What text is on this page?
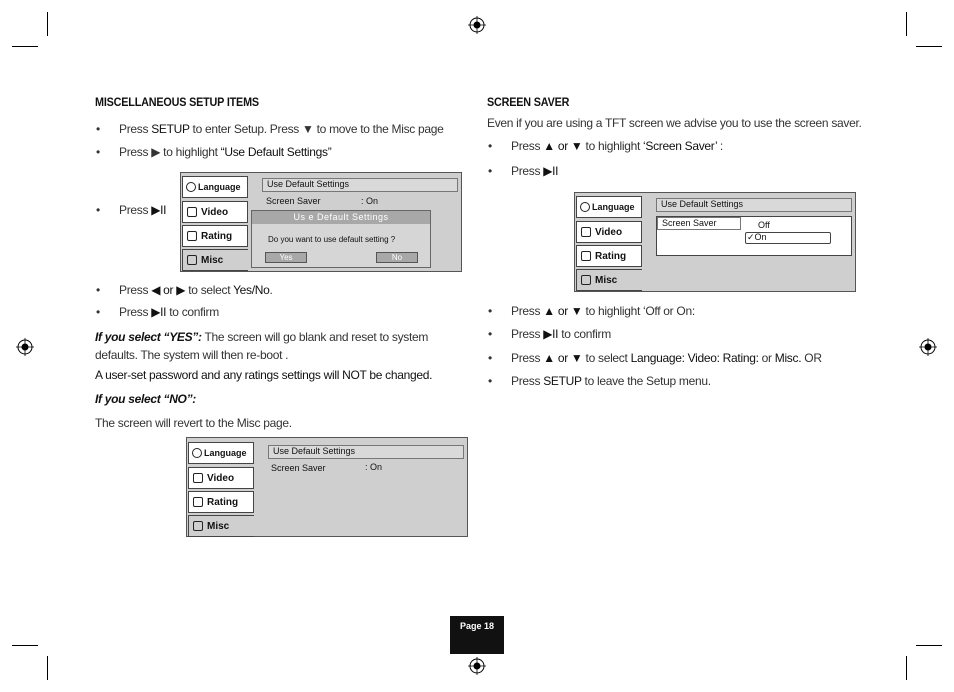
MISCELLANEOUS SETUP ITEMS
• Press SETUP to enter Setup. Press ▼ to move to the Misc page
• Press ▶ to highlight “Use Default Settings”
• Press ▶II
Language
Video
Rating
Misc
Use Default Settings
Screen Saver	: On
Us e Default Settings
Do you want to use default setting ?
Yes	No
• Press ◀ or ▶ to select Yes/No.
• Press ▶II to confirm
If you select “YES”: The screen will go blank and reset to system defaults. The system will then re-boot .
A user-set password and any ratings settings will NOT be changed.
If you select “NO”:
The screen will revert to the Misc page.
Language
Video
Rating
Misc
Use Default Settings
Screen Saver	: On
SCREEN SAVER
Even if you are using a TFT screen we advise you to use the screen saver.
• Press ▲ or ▼ to highlight ‘Screen Saver’ :
• Press ▶II
Language
Video
Rating
Misc
Use Default Settings
Screen Saver	Off
✓On
• Press ▲ or ▼ to highlight ‘Off or On:
• Press ▶II to confirm
• Press ▲ or ▼ to select Language: Video: Rating: or Misc. OR
• Press SETUP to leave the Setup menu.
Page 18
